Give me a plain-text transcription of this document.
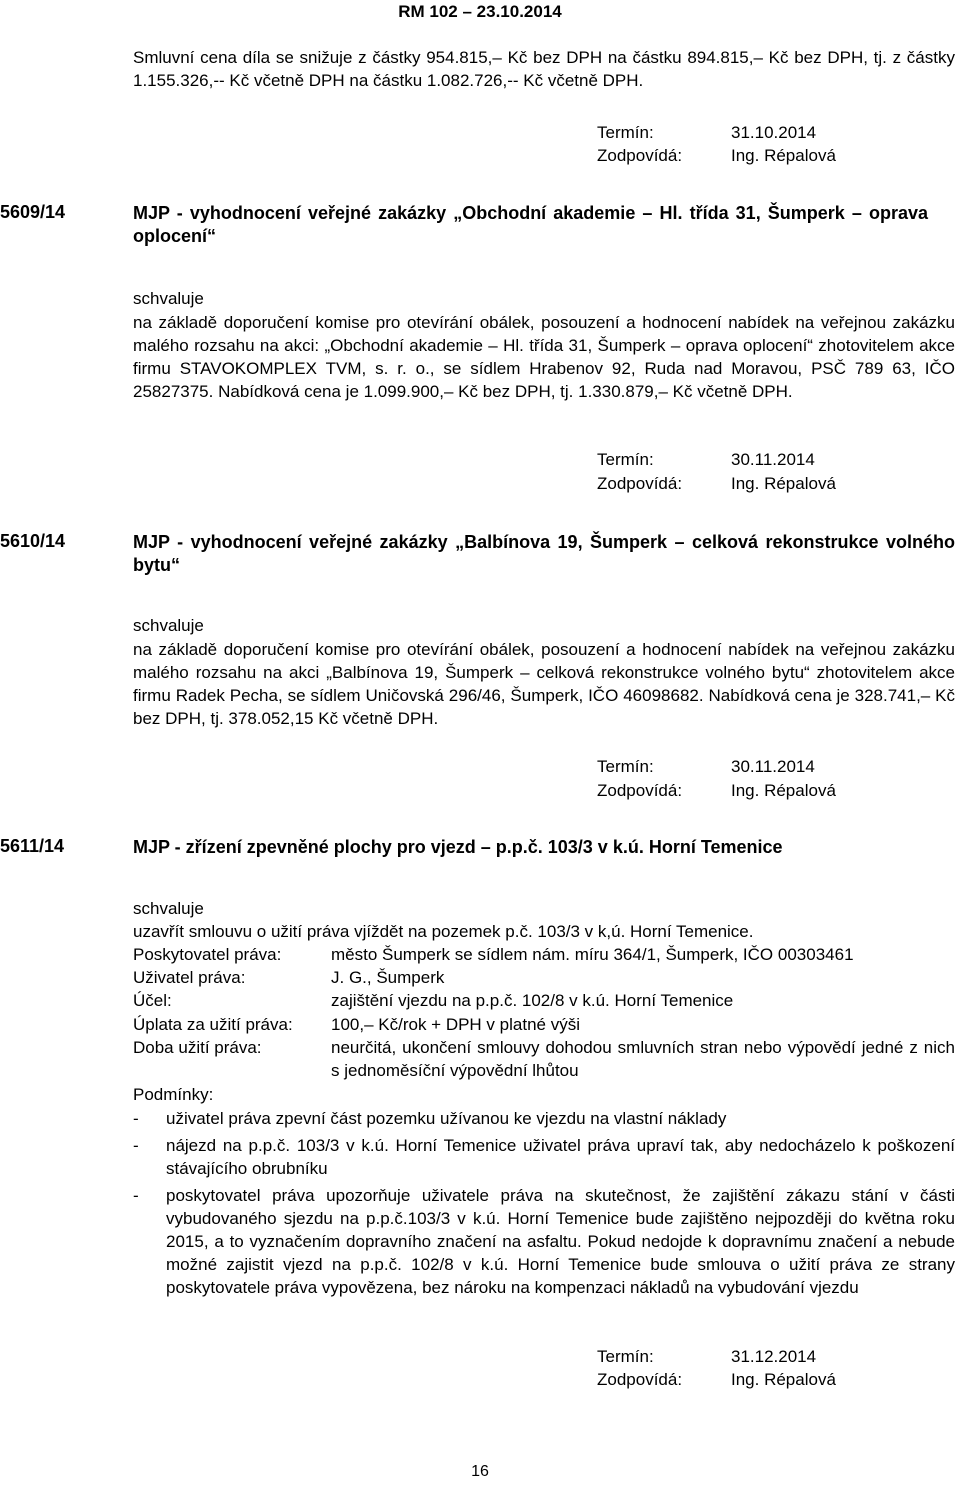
RM 102 – 23.10.2014
Smluvní cena díla se snižuje z částky 954.815,– Kč bez DPH na částku 894.815,– Kč bez DPH, tj. z částky 1.155.326,-- Kč včetně DPH na částku 1.082.726,-- Kč včetně DPH.
Termín:	31.10.2014
Zodpovídá:	Ing. Répalová
5609/14	MJP - vyhodnocení veřejné zakázky „Obchodní akademie – Hl. třída 31, Šumperk – oprava oplocení“
schvaluje
na základě doporučení komise pro otevírání obálek, posouzení a hodnocení nabídek na veřejnou zakázku malého rozsahu na akci: „Obchodní akademie – Hl. třída 31, Šumperk – oprava oplocení“ zhotovitelem akce firmu STAVOKOMPLEX TVM, s. r. o., se sídlem Hrabenov 92, Ruda nad Moravou, PSČ 789 63, IČO 25827375. Nabídková cena je 1.099.900,– Kč bez DPH, tj. 1.330.879,– Kč včetně DPH.
Termín:	30.11.2014
Zodpovídá:	Ing. Répalová
5610/14	MJP - vyhodnocení veřejné zakázky „Balbínova 19, Šumperk – celková rekonstrukce volného bytu“
schvaluje
na základě doporučení komise pro otevírání obálek, posouzení a hodnocení nabídek na veřejnou zakázku malého rozsahu na akci „Balbínova 19, Šumperk – celková rekonstrukce volného bytu“ zhotovitelem akce firmu Radek Pecha, se sídlem Uničovská 296/46, Šumperk, IČO 46098682. Nabídková cena je 328.741,– Kč bez DPH, tj. 378.052,15 Kč včetně DPH.
Termín:	30.11.2014
Zodpovídá:	Ing. Répalová
5611/14	MJP - zřízení zpevněné plochy pro vjezd – p.p.č. 103/3 v k.ú. Horní Temenice
schvaluje
uzavřít smlouvu o užití práva vjíždět na pozemek p.č. 103/3 v k,ú. Horní Temenice.
Poskytovatel práva:	město Šumperk se sídlem nám. míru 364/1, Šumperk, IČO 00303461
Uživatel práva:	J. G., Šumperk
Účel:	zajištění vjezdu na p.p.č. 102/8 v k.ú. Horní Temenice
Úplata za užití práva: 100,– Kč/rok + DPH v platné výši
Doba užití práva:	neurčitá, ukončení smlouvy dohodou smluvních stran nebo výpovědí jedné z nich s jednoměsíční výpovědní lhůtou
Podmínky:
- uživatel práva zpevní část pozemku užívanou ke vjezdu na vlastní náklady
- nájezd na p.p.č. 103/3 v k.ú. Horní Temenice uživatel práva upraví tak, aby nedocházelo k poškození stávajícího obrubníku
- poskytovatel práva upozorňuje uživatele práva na skutečnost, že zajištění zákazu stání v části vybudovaného sjezdu na p.p.č.103/3 v k.ú. Horní Temenice bude zajištěno nejpozději do května roku 2015, a to vyznačením dopravního značení na asfaltu. Pokud nedojde k dopravnímu značení a nebude možné zajistit vjezd na p.p.č. 102/8 v k.ú. Horní Temenice bude smlouva o užití práva ze strany poskytovatele práva vypovězena, bez nároku na kompenzaci nákladů na vybudování vjezdu
Termín:	31.12.2014
Zodpovídá:	Ing. Répalová
16
